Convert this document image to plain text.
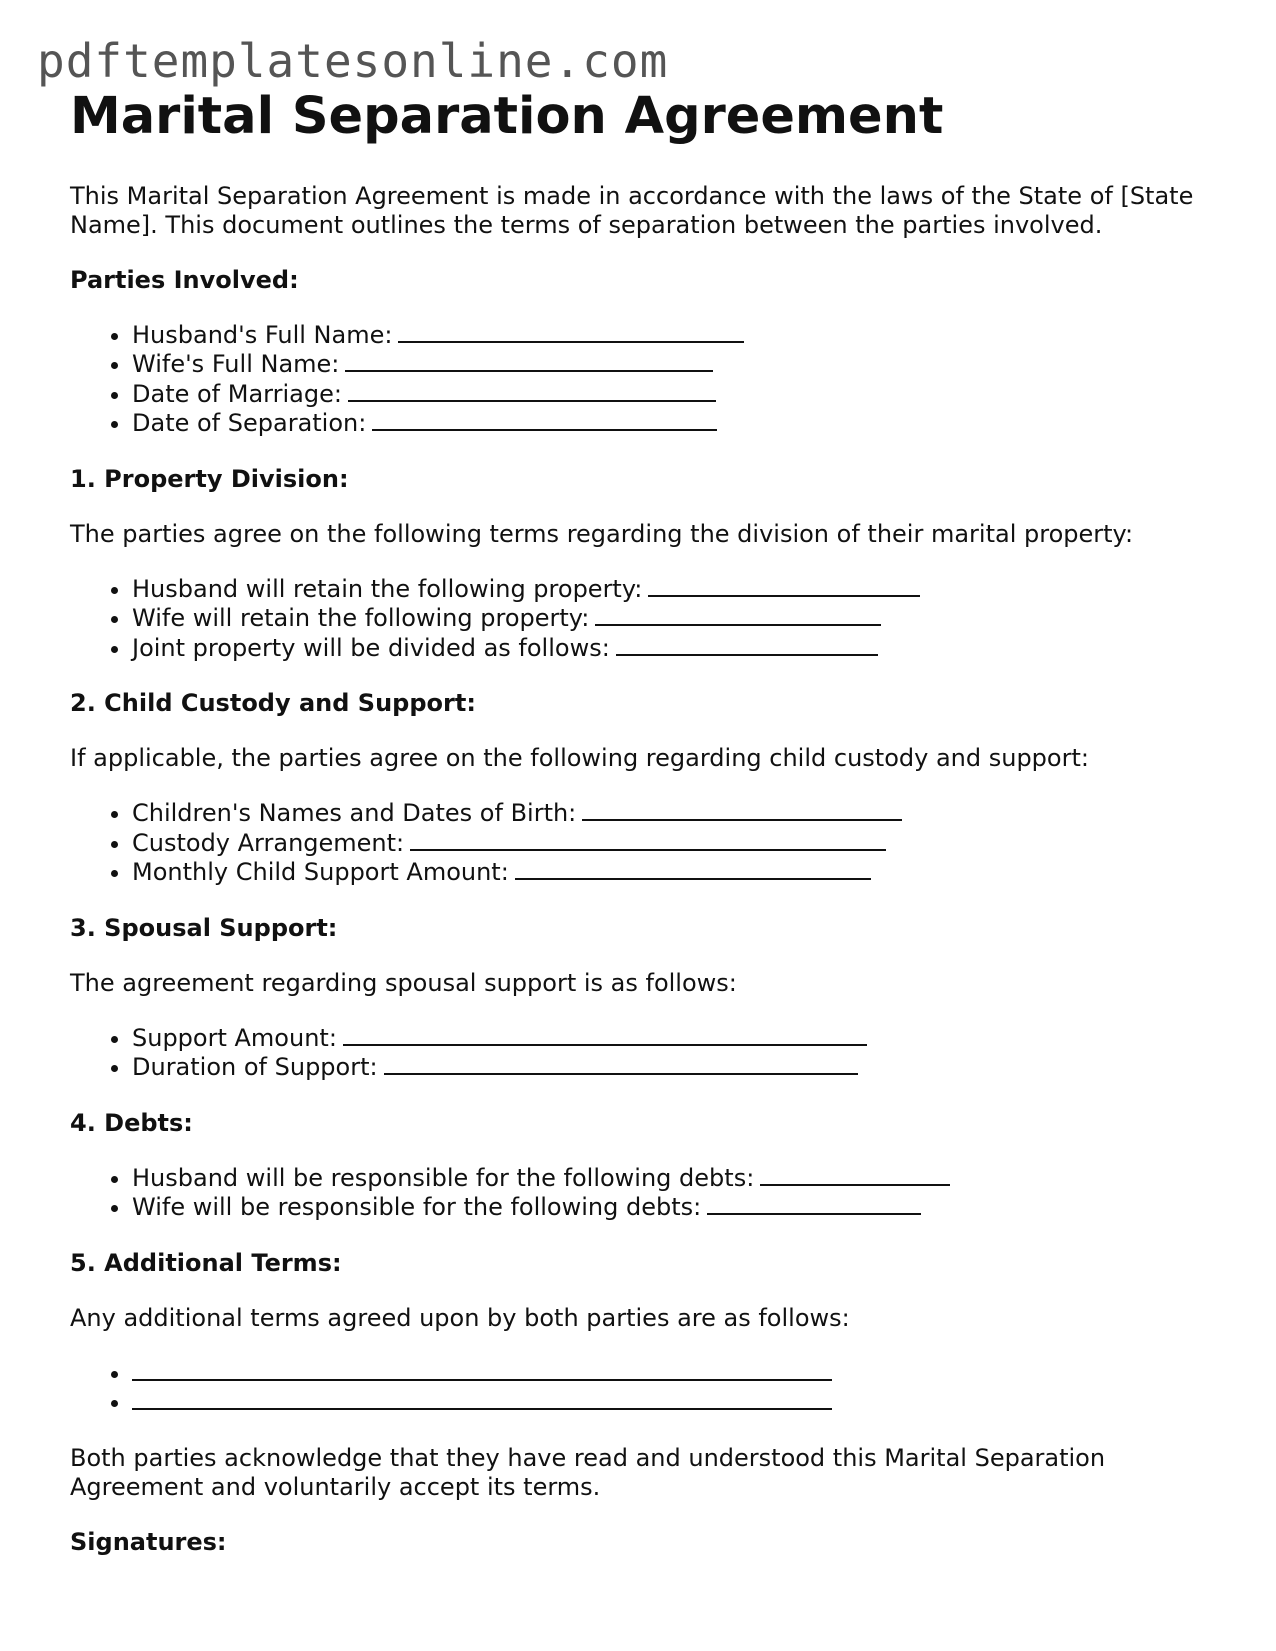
pdftemplatesonline.com
Marital Separation Agreement

This Marital Separation Agreement is made in accordance with the laws of the State of [State Name]. This document outlines the terms of separation between the parties involved.

Parties Involved:
• Husband's Full Name:
• Wife's Full Name:
• Date of Marriage:
• Date of Separation:
1. Property Division:

The parties agree on the following terms regarding the division of their marital property:

• Husband will retain the following property:
• Wife will retain the following property:
• Joint property will be divided as follows:
2. Child Custody and Support:

If applicable, the parties agree on the following regarding child custody and support:

• Children's Names and Dates of Birth:
• Custody Arrangement:
• Monthly Child Support Amount:
3. Spousal Support:

The agreement regarding spousal support is as follows:

• Support Amount:
• Duration of Support:
4. Debts:
• Husband will be responsible for the following debts:
• Wife will be responsible for the following debts:
5. Additional Terms:

Any additional terms agreed upon by both parties are as follows:

•
•

Both parties acknowledge that they have read and understood this Marital Separation Agreement and voluntarily accept its terms.

Signatures:
